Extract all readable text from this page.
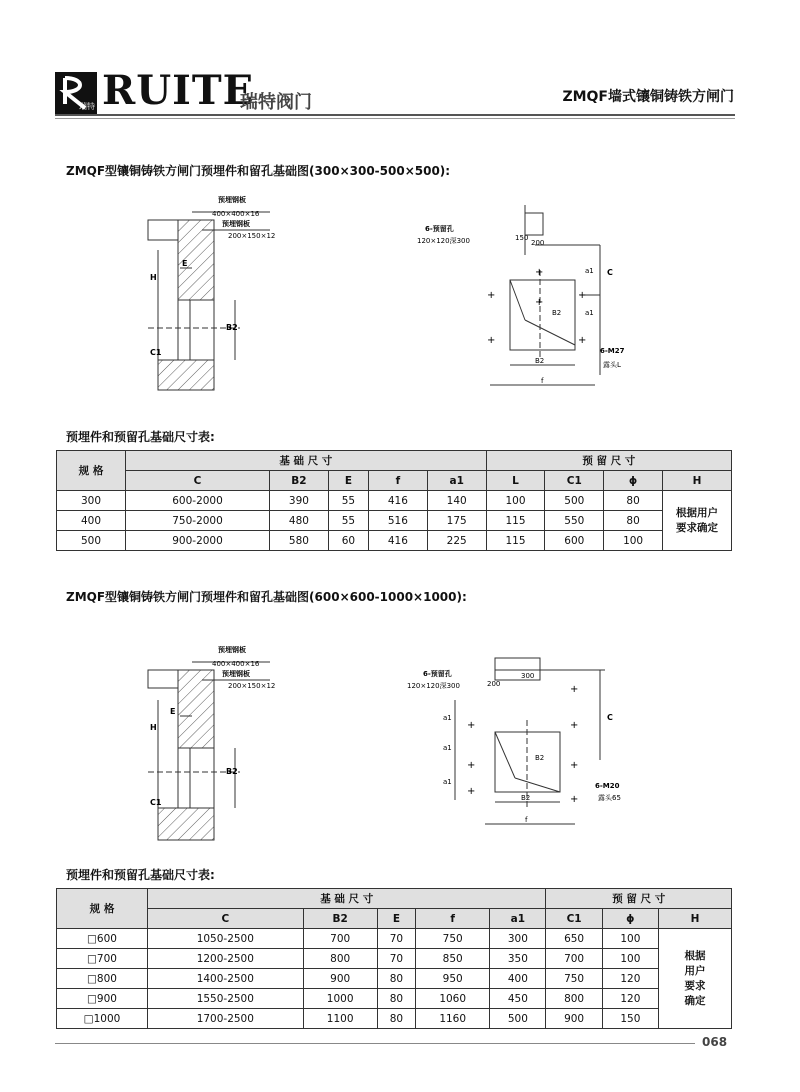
瑞特 RUITE
瑞特阀门	ZMQF墙式镶铜铸铁方闸门
ZMQF型镶铜铸铁方闸门预埋件和留孔基础图(300×300-500×500):
预埋钢板
400×400×16
预埋钢板
200×150×12
E
H
B2
C1
+
+
+
+
+
+
6-预留孔
120×120深300	150
200
C
a1
a1
B2
B2
f
6-M27
露头L
预埋件和预留孔基础尺寸表:
规 格	基 础 尺 寸					预 留 尺 寸			
	C	B2	E	f	a1	L	C1	ϕ	H
300	600-2000	390	55	416	140	100	500	80	根据用户要求确定

400	750-2000	480	55	516	175	115	550	80	
500	900-2000	580	60	416	225	115	600	100	
ZMQF型镶铜铸铁方闸门预埋件和留孔基础图(600×600-1000×1000):
预埋钢板
400×400×16
预埋钢板
200×150×12
E
H
B2
C1
+
+
+
+
+
+
+
6-预留孔
120×120深300	200
300
C
a1
a1
a1
B2
B2
f
6-M20
露头65
预埋件和预留孔基础尺寸表:
规 格	基 础 尺 寸					预 留 尺 寸		
	C	B2	E	f	a1	C1	ϕ	H
□600	1050-2500	700	70	750	300	650	100	根据
用户
要求
确定

□700	1200-2500	800	70	850	350	700	100	
□800	1400-2500	900	80	950	400	750	120	
□900	1550-2500	1000	80	1060	450	800	120	
□1000	1700-2500	1100	80	1160	500	900	150	
068
